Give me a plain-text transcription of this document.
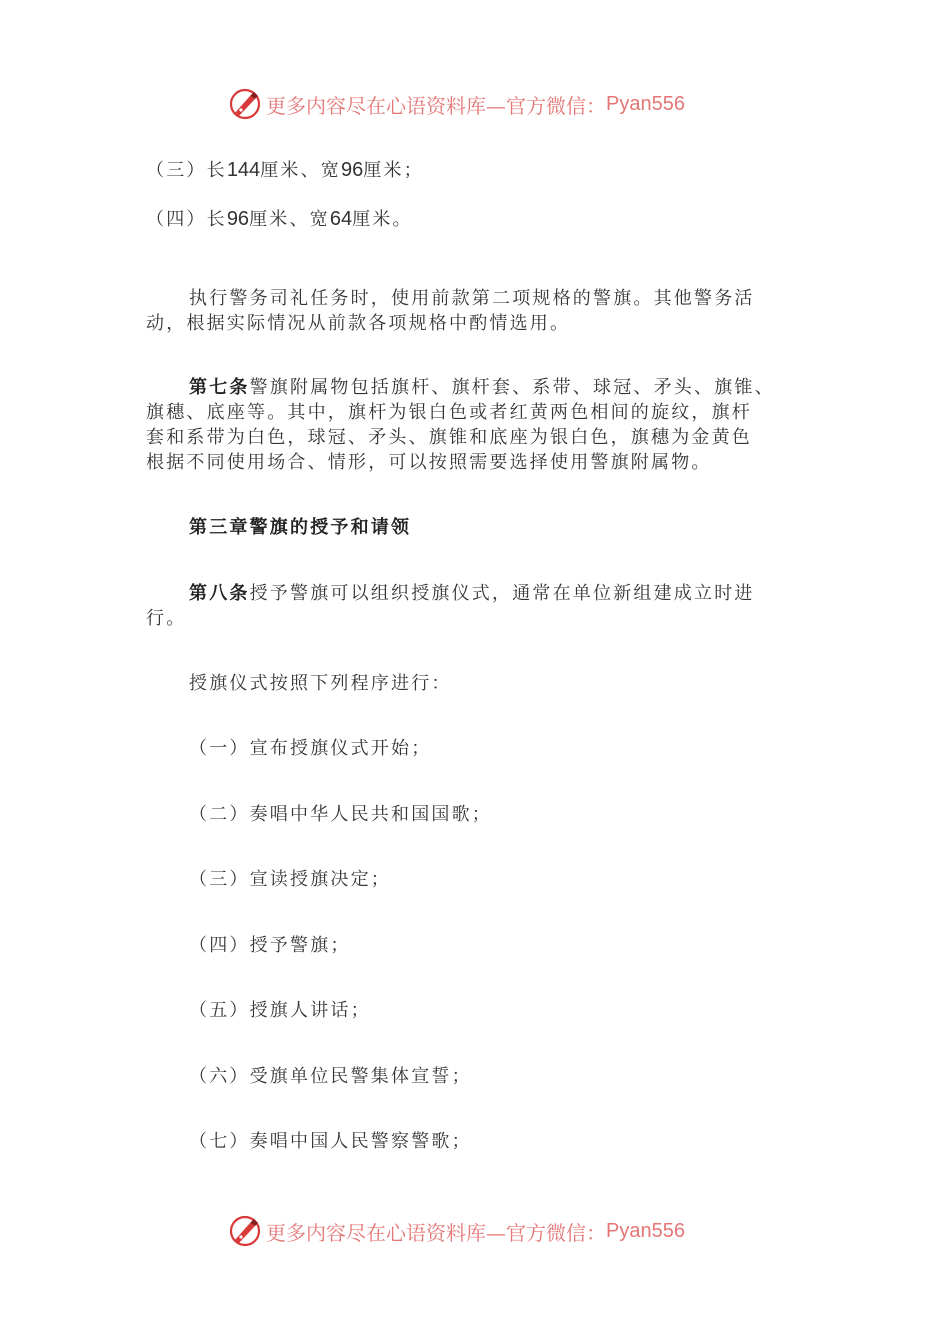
更多内容尽在心语资料库—官方微信： Pyan556
（三）长144厘米、宽96厘米；
（四）长96厘米、宽64厘米。
执行警务司礼任务时，使用前款第二项规格的警旗。其他警务活
动，根据实际情况从前款各项规格中酌情选用。
第七条警旗附属物包括旗杆、旗杆套、系带、球冠、矛头、旗锥、
旗穗、底座等。其中，旗杆为银白色或者红黄两色相间的旋纹，旗杆
套和系带为白色，球冠、矛头、旗锥和底座为银白色，旗穗为金黄色
根据不同使用场合、情形，可以按照需要选择使用警旗附属物。
第三章警旗的授予和请领
第八条授予警旗可以组织授旗仪式，通常在单位新组建成立时进
行。
授旗仪式按照下列程序进行：
（一）宣布授旗仪式开始；
（二）奏唱中华人民共和国国歌；
（三）宣读授旗决定；
（四）授予警旗；
（五）授旗人讲话；
（六）受旗单位民警集体宣誓；
（七）奏唱中国人民警察警歌；
更多内容尽在心语资料库—官方微信： Pyan556
